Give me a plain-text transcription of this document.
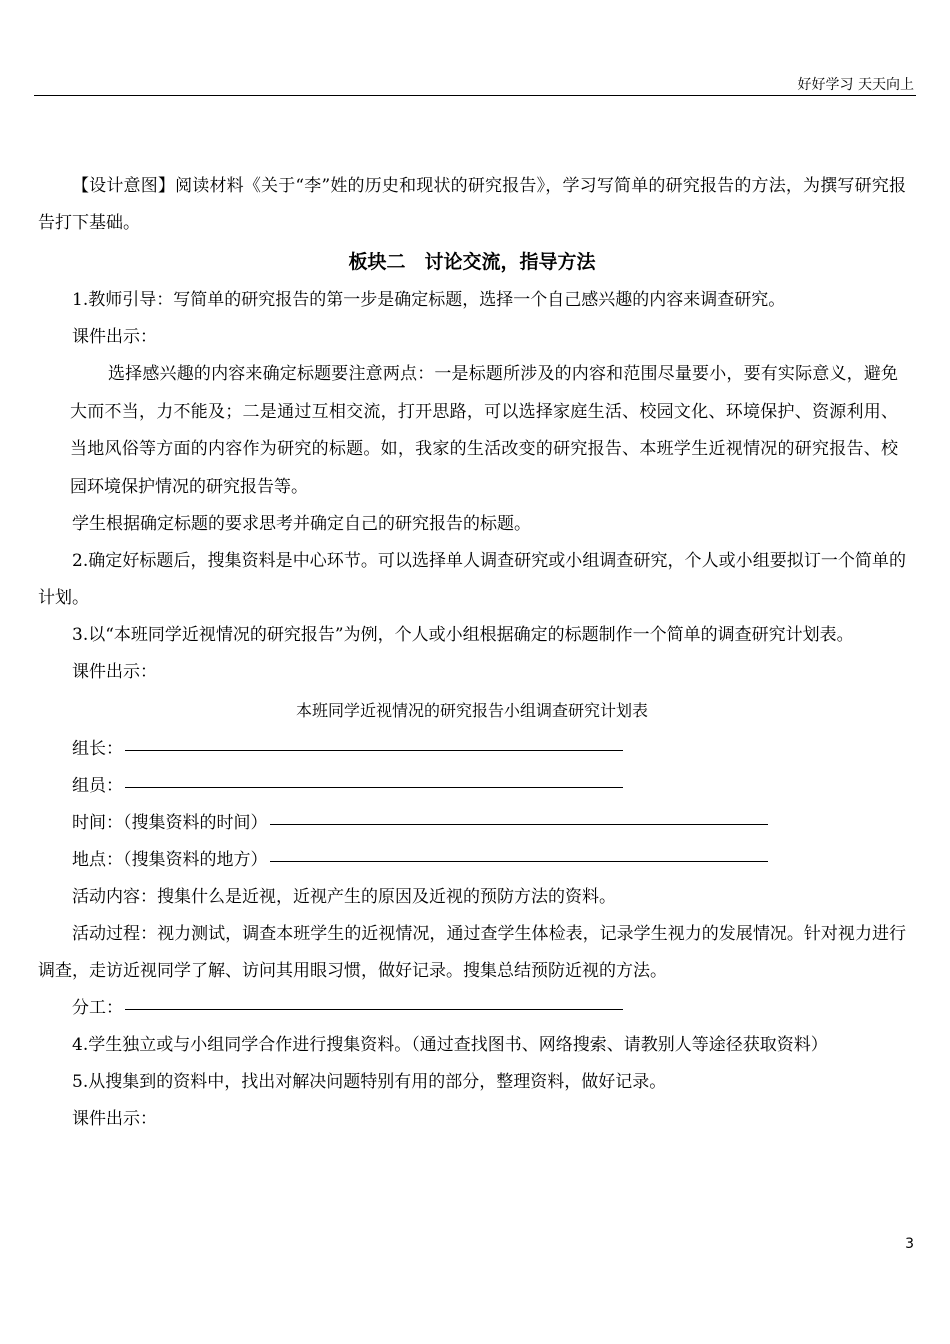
好好学习 天天向上

【设计意图】阅读材料《关于“李”姓的历史和现状的研究报告》，学习写简单的研究报告的方法，为撰写研究报告打下基础。

板块二　讨论交流，指导方法

1.教师引导：写简单的研究报告的第一步是确定标题，选择一个自己感兴趣的内容来调查研究。

课件出示：

选择感兴趣的内容来确定标题要注意两点：一是标题所涉及的内容和范围尽量要小，要有实际意义，避免大而不当，力不能及；二是通过互相交流，打开思路，可以选择家庭生活、校园文化、环境保护、资源利用、当地风俗等方面的内容作为研究的标题。如，我家的生活改变的研究报告、本班学生近视情况的研究报告、校园环境保护情况的研究报告等。

学生根据确定标题的要求思考并确定自己的研究报告的标题。

2.确定好标题后，搜集资料是中心环节。可以选择单人调查研究或小组调查研究，个人或小组要拟订一个简单的计划。

3.以“本班同学近视情况的研究报告”为例，个人或小组根据确定的标题制作一个简单的调查研究计划表。

课件出示：

本班同学近视情况的研究报告小组调查研究计划表

组长：
组员：
时间：（搜集资料的时间）
地点：（搜集资料的地方）

活动内容：搜集什么是近视，近视产生的原因及近视的预防方法的资料。

活动过程：视力测试，调查本班学生的近视情况，通过查学生体检表，记录学生视力的发展情况。针对视力进行调查，走访近视同学了解、访问其用眼习惯，做好记录。搜集总结预防近视的方法。

分工：

4.学生独立或与小组同学合作进行搜集资料。（通过查找图书、网络搜索、请教别人等途径获取资料）

5.从搜集到的资料中，找出对解决问题特别有用的部分，整理资料，做好记录。

课件出示：

3
